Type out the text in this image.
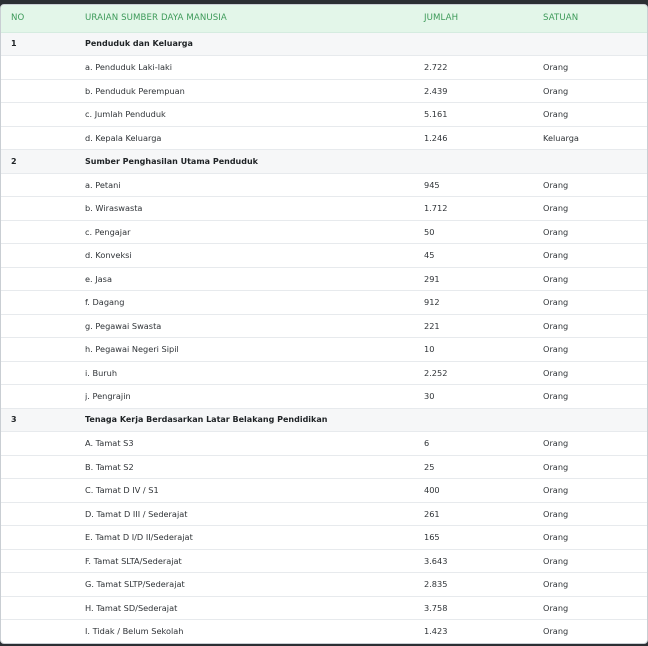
NO	URAIAN SUMBER DAYA MANUSIA	JUMLAH	SATUAN
1	Penduduk dan Keluarga		
	a. Penduduk Laki-laki	2.722	Orang
	b. Penduduk Perempuan	2.439	Orang
	c. Jumlah Penduduk	5.161	Orang
	d. Kepala Keluarga	1.246	Keluarga
2	Sumber Penghasilan Utama Penduduk		
	a. Petani	945	Orang
	b. Wiraswasta	1.712	Orang
	c. Pengajar	50	Orang
	d. Konveksi	45	Orang
	e. Jasa	291	Orang
	f. Dagang	912	Orang
	g. Pegawai Swasta	221	Orang
	h. Pegawai Negeri Sipil	10	Orang
	i. Buruh	2.252	Orang
	j. Pengrajin	30	Orang
3	Tenaga Kerja Berdasarkan Latar Belakang Pendidikan		
	A. Tamat S3	6	Orang
	B. Tamat S2	25	Orang
	C. Tamat D IV / S1	400	Orang
	D. Tamat D III / Sederajat	261	Orang
	E. Tamat D I/D II/Sederajat	165	Orang
	F. Tamat SLTA/Sederajat	3.643	Orang
	G. Tamat SLTP/Sederajat	2.835	Orang
	H. Tamat SD/Sederajat	3.758	Orang
	I. Tidak / Belum Sekolah	1.423	Orang
